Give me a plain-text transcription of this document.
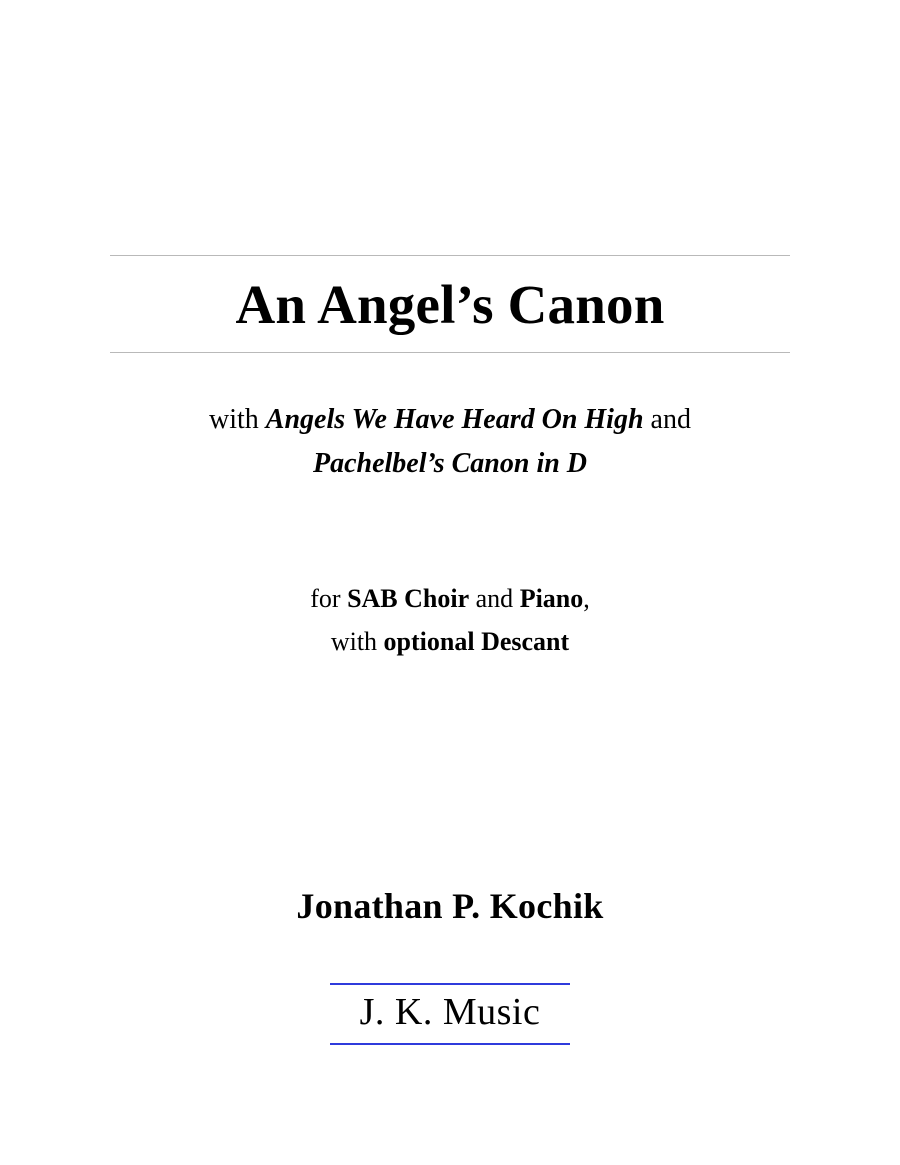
An Angel’s Canon
with Angels We Have Heard On High and
Pachelbel’s Canon in D
for SAB Choir and Piano,
with optional Descant
Jonathan P. Kochik
J. K. Music
